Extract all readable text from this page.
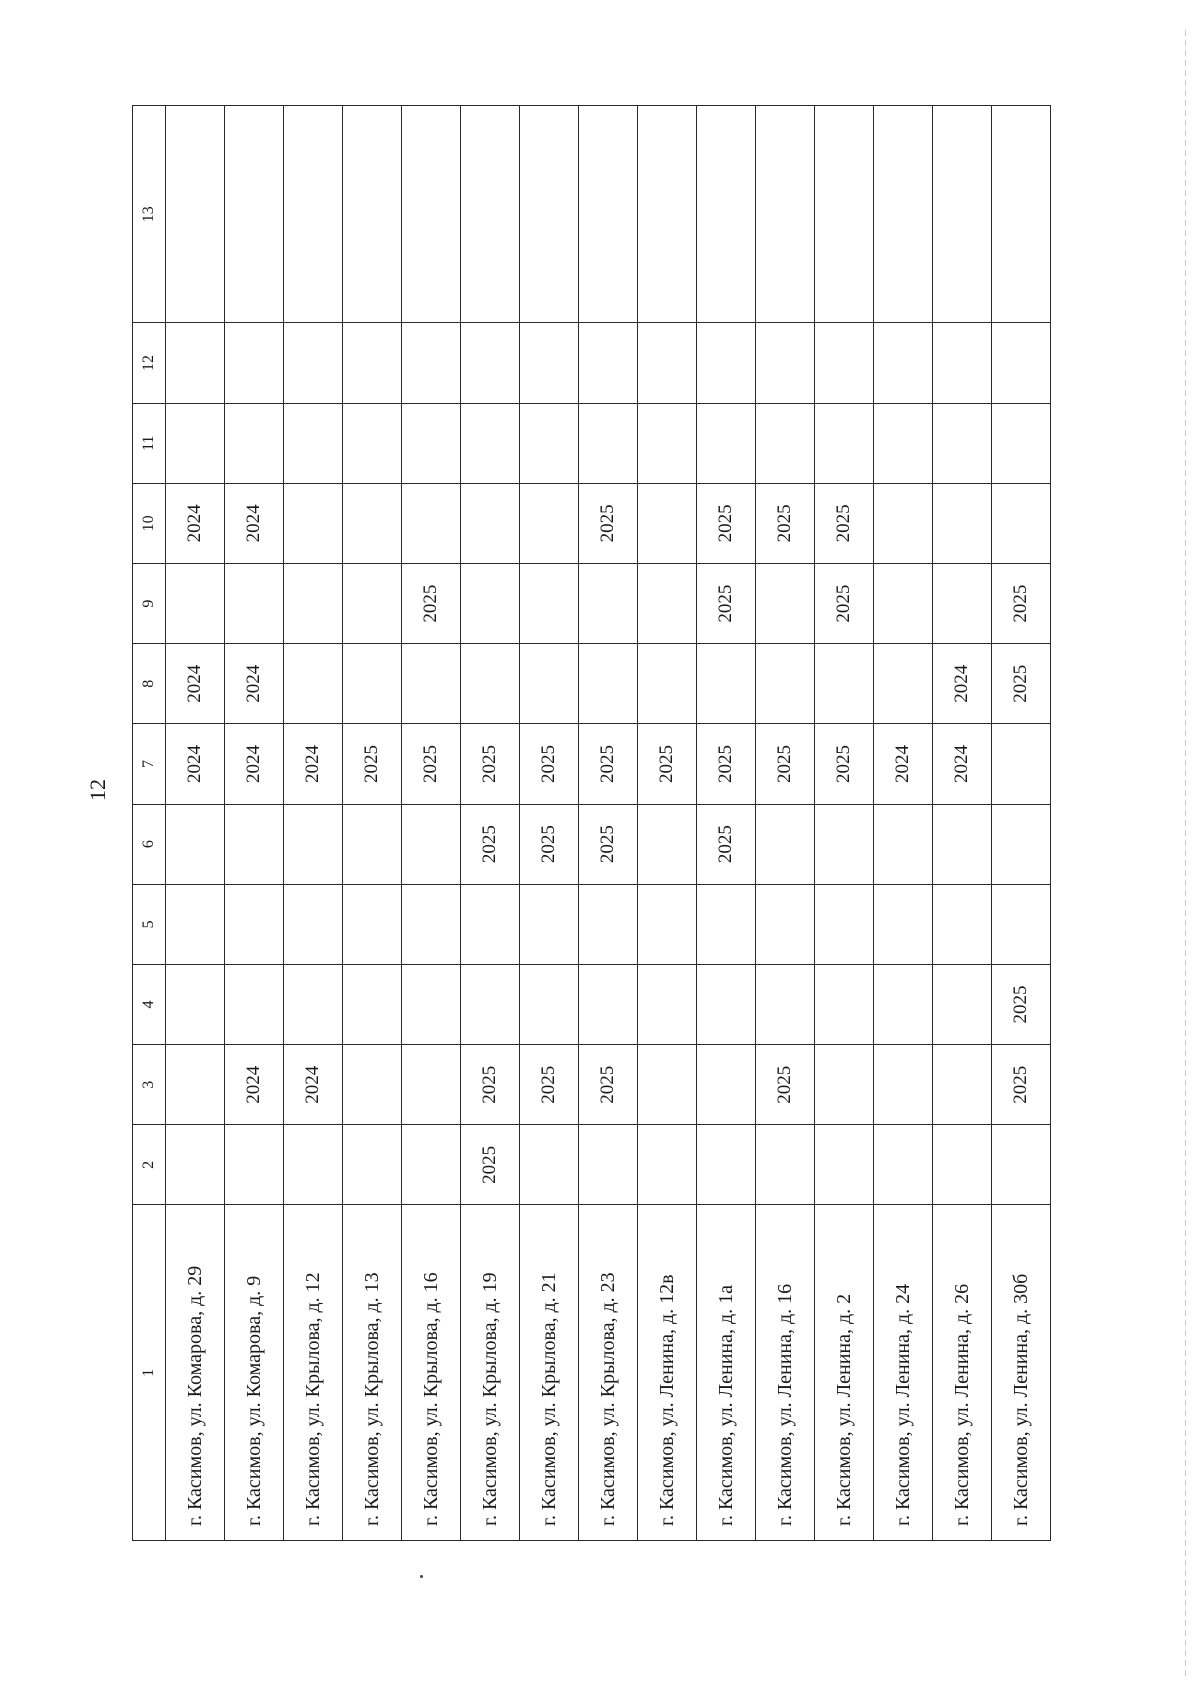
12
1	2	3	4	5	6	7	8	9	10	11	12	13
г. Касимов, ул. Комарова, д. 29						2024	2024		2024			
г. Касимов, ул. Комарова, д. 9		2024				2024	2024		2024			
г. Касимов, ул. Крылова, д. 12		2024				2024						
г. Касимов, ул. Крылова, д. 13						2025						
г. Касимов, ул. Крылова, д. 16						2025		2025				
г. Касимов, ул. Крылова, д. 19	2025	2025			2025	2025						
г. Касимов, ул. Крылова, д. 21		2025			2025	2025						
г. Касимов, ул. Крылова, д. 23		2025			2025	2025			2025			
г. Касимов, ул. Ленина, д. 12в						2025						
г. Касимов, ул. Ленина, д. 1а					2025	2025		2025	2025			
г. Касимов, ул. Ленина, д. 16		2025				2025			2025			
г. Касимов, ул. Ленина, д. 2						2025		2025	2025			
г. Касимов, ул. Ленина, д. 24						2024						
г. Касимов, ул. Ленина, д. 26						2024	2024					
г. Касимов, ул. Ленина, д. 30б		2025	2025				2025	2025				
